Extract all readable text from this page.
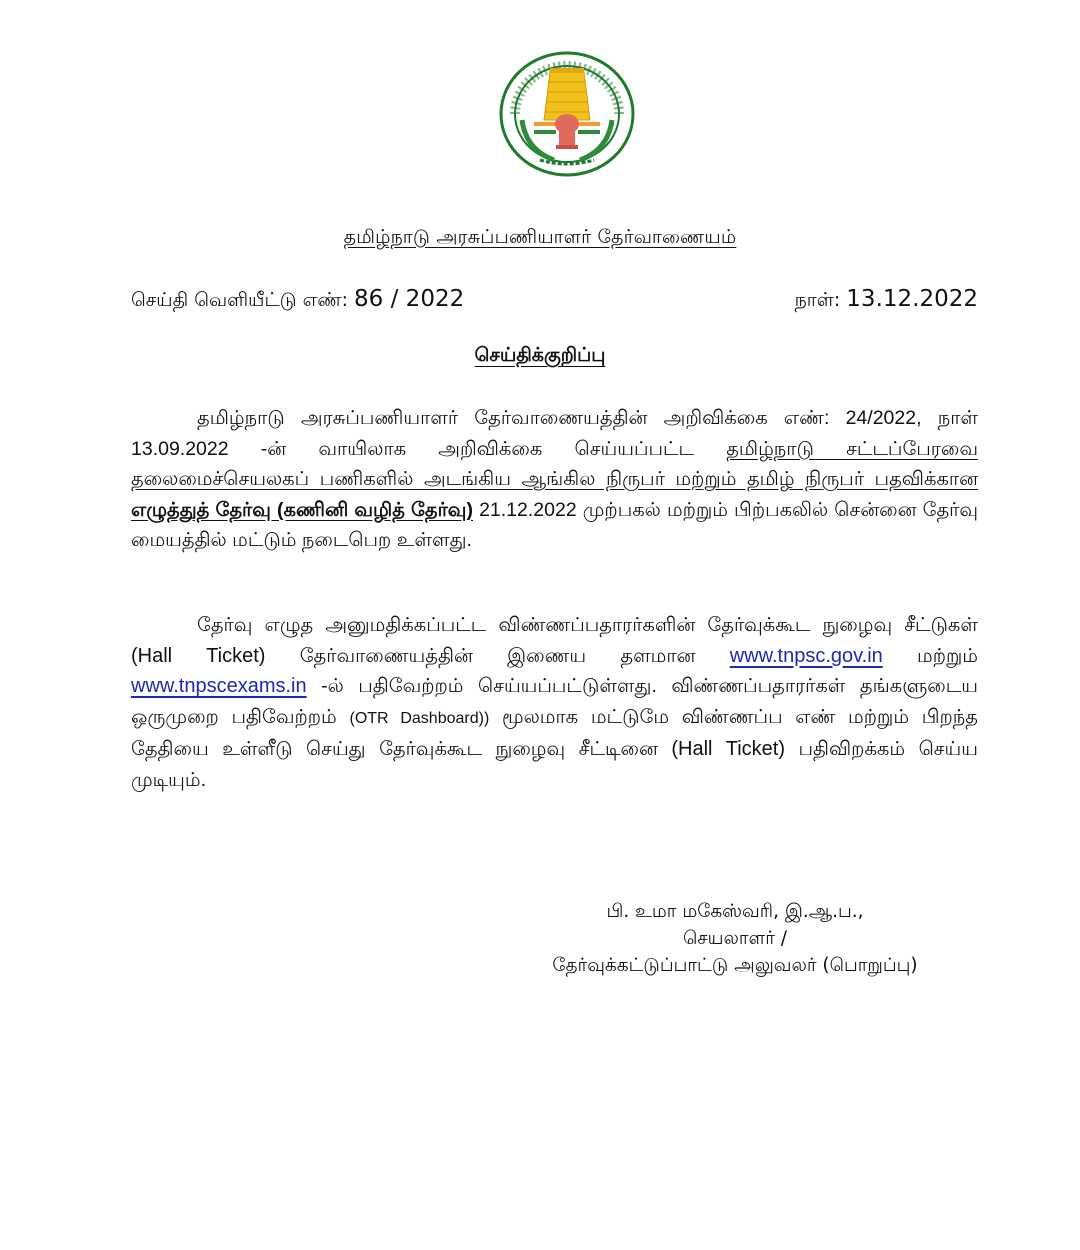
தமிழ்நாடு அரசுப்பணியாளர் தேர்வாணையம்
செய்தி வெளியீட்டு எண்: 86 / 2022	நாள்: 13.12.2022
செய்திக்குறிப்பு
தமிழ்நாடு அரசுப்பணியாளர் தேர்வாணையத்தின் அறிவிக்கை எண்: 24/2022, நாள் 13.09.2022 -ன் வாயிலாக அறிவிக்கை செய்யப்பட்ட தமிழ்நாடு சட்டப்பேரவை தலைமைச்செயலகப் பணிகளில் அடங்கிய ஆங்கில நிருபர் மற்றும் தமிழ் நிருபர் பதவிக்கான எழுத்துத் தேர்வு (கணினி வழித் தேர்வு) 21.12.2022 முற்பகல் மற்றும் பிற்பகலில் சென்னை தேர்வு மையத்தில் மட்டும் நடைபெற உள்ளது.
தேர்வு எழுத அனுமதிக்கப்பட்ட விண்ணப்பதாரர்களின் தேர்வுக்கூட நுழைவு சீட்டுகள் (Hall Ticket) தேர்வாணையத்தின் இணைய தளமான www.tnpsc.gov.in மற்றும் www.tnpscexams.in -ல் பதிவேற்றம் செய்யப்பட்டுள்ளது. விண்ணப்பதாரர்கள் தங்களுடைய ஒருமுறை பதிவேற்றம் (OTR Dashboard)) மூலமாக மட்டுமே விண்ணப்ப எண் மற்றும் பிறந்த தேதியை உள்ளீடு செய்து தேர்வுக்கூட நுழைவு சீட்டினை (Hall Ticket) பதிவிறக்கம் செய்ய முடியும்.
பி. உமா மகேஸ்வரி, இ.ஆ.ப.,
செயலாளர் /
தேர்வுக்கட்டுப்பாட்டு அலுவலர் (பொறுப்பு)
